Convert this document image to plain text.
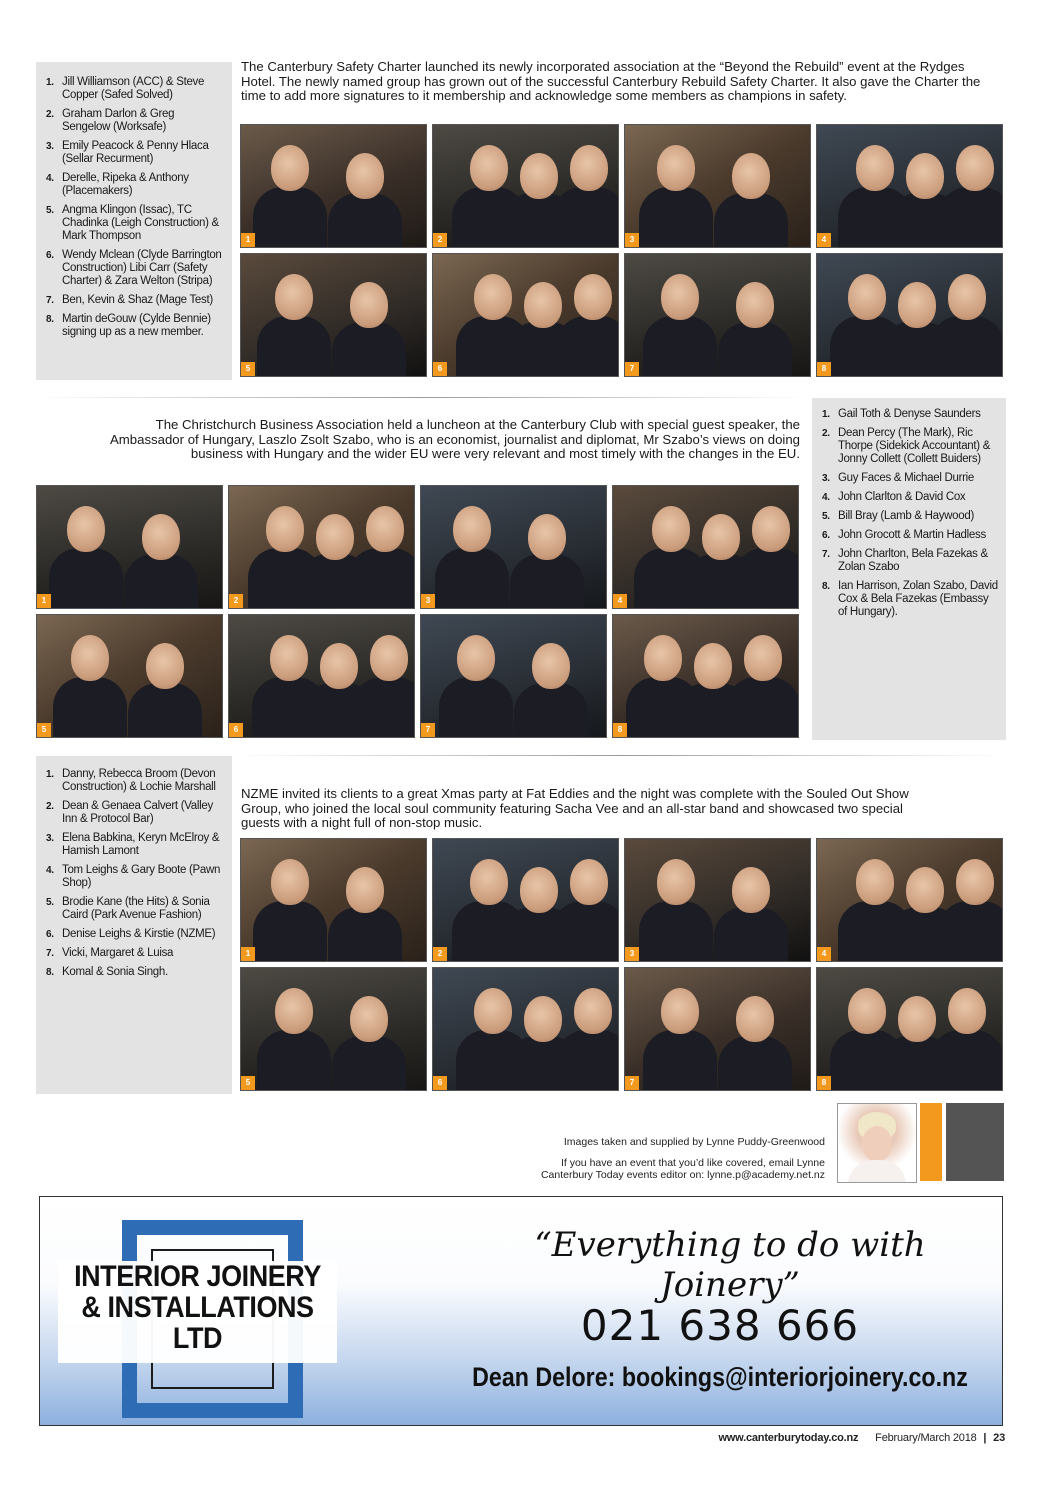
1. Jill Williamson (ACC) & Steve Copper (Safed Solved)
2. Graham Darlon & Greg Sengelow (Worksafe)
3. Emily Peacock & Penny Hlaca (Sellar Recurment)
4. Derelle, Ripeka & Anthony (Placemakers)
5. Angma Klingon (Issac), TC Chadinka (Leigh Construction) & Mark Thompson
6. Wendy Mclean (Clyde Barrington Construction) Libi Carr (Safety Charter) & Zara Welton (Stripa)
7. Ben, Kevin & Shaz (Mage Test)
8. Martin deGouw (Cylde Bennie) signing up as a new member.
The Canterbury Safety Charter launched its newly incorporated association at the “Beyond the Rebuild” event at the Rydges Hotel. The newly named group has grown out of the successful Canterbury Rebuild Safety Charter. It also gave the Charter the time to add more signatures to it membership and acknowledge some members as champions in safety.
1	2	3	4
5	6	7	8
The Christchurch Business Association held a luncheon at the Canterbury Club with special guest speaker, the Ambassador of Hungary, Laszlo Zsolt Szabo, who is an economist, journalist and diplomat, Mr Szabo’s views on doing business with Hungary and the wider EU were very relevant and most timely with the changes in the EU.
1. Gail Toth & Denyse Saunders
2. Dean Percy (The Mark), Ric Thorpe (Sidekick Accountant) & Jonny Collett (Collett Buiders)
3. Guy Faces & Michael Durrie
4. John Clarlton & David Cox
5. Bill Bray (Lamb & Haywood)
6. John Grocott & Martin Hadless
7. John Charlton, Bela Fazekas & Zolan Szabo
8. Ian Harrison, Zolan Szabo, David Cox & Bela Fazekas (Embassy of Hungary).
1	2	3	4
5	6	7	8
1. Danny, Rebecca Broom (Devon Construction) & Lochie Marshall
2. Dean & Genaea Calvert (Valley Inn & Protocol Bar)
3. Elena Babkina, Keryn McElroy & Hamish Lamont
4. Tom Leighs & Gary Boote (Pawn Shop)
5. Brodie Kane (the Hits) & Sonia Caird (Park Avenue Fashion)
6. Denise Leighs & Kirstie (NZME)
7. Vicki, Margaret & Luisa
8. Komal & Sonia Singh.
NZME invited its clients to a great Xmas party at Fat Eddies and the night was complete with the Souled Out Show Group, who joined the local soul community featuring Sacha Vee and an all-star band and showcased two special guests with a night full of non-stop music.
1	2	3	4
5	6	7	8
Images taken and supplied by Lynne Puddy-Greenwood
If you have an event that you’d like covered, email Lynne
Canterbury Today events editor on: lynne.p@academy.net.nz
INTERIOR JOINERY
& INSTALLATIONS
LTD
“Everything to do with Joinery”
021 638 666
Dean Delore: bookings@interiorjoinery.co.nz
www.canterburytoday.co.nz February/March 2018 | 23
